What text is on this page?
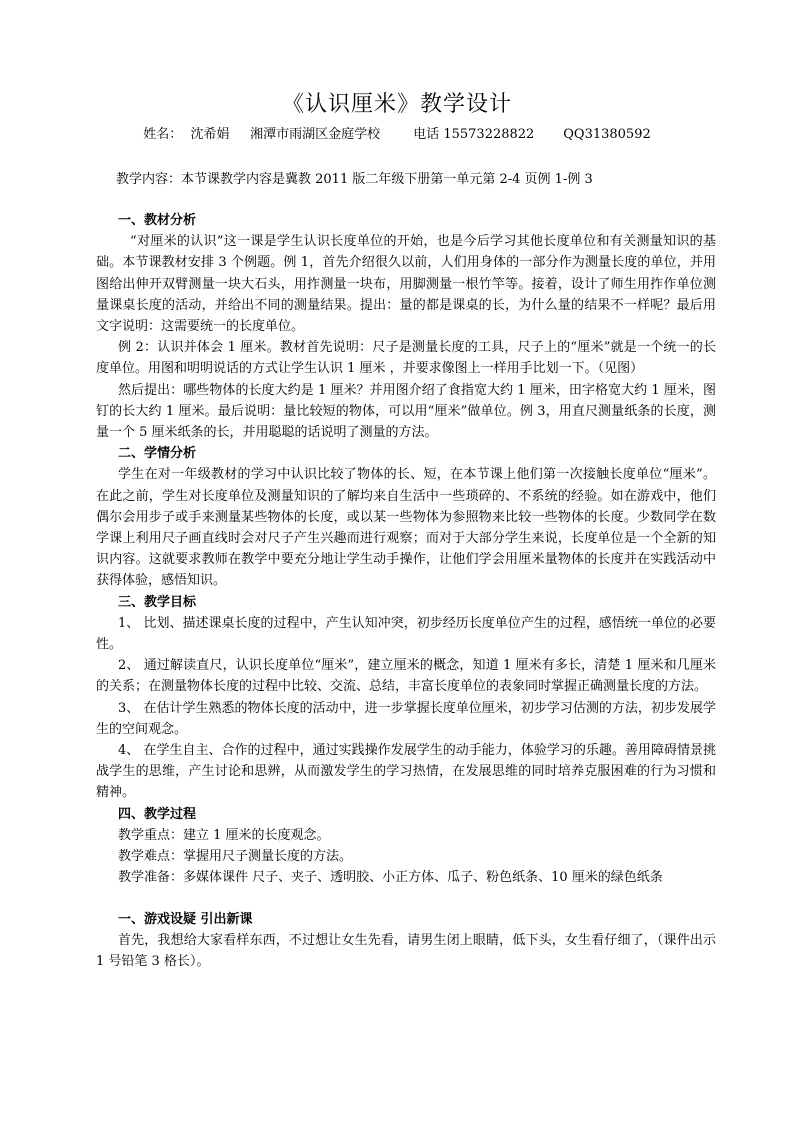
《认识厘米》教学设计
姓名：  沈希娟     湘潭市雨湖区金庭学校        电话 15573228822       QQ31380592
教学内容：本节课教学内容是冀教 2011 版二年级下册第一单元第 2-4 页例 1-例 3

一、教材分析

“对厘米的认识”这一课是学生认识长度单位的开始，也是今后学习其他长度单位和有关测量知识的基础。本节课教材安排 3 个例题。例 1，首先介绍很久以前，人们用身体的一部分作为测量长度的单位，并用图给出伸开双臂测量一块大石头，用拃测量一块布，用脚测量一根竹竿等。接着，设计了师生用拃作单位测量课桌长度的活动，并给出不同的测量结果。提出：量的都是课桌的长，为什么量的结果不一样呢？最后用文字说明：这需要统一的长度单位。

例 2：认识并体会 1 厘米。教材首先说明：尺子是测量长度的工具，尺子上的“厘米”就是一个统一的长度单位。用图和明明说话的方式让学生认识 1 厘米 ，并要求像图上一样用手比划一下。（见图）

然后提出：哪些物体的长度大约是 1 厘米？并用图介绍了食指宽大约 1 厘米，田字格宽大约 1 厘米，图钉的长大约 1 厘米。最后说明：量比较短的物体，可以用“厘米”做单位。例 3，用直尺测量纸条的长度，测量一个 5 厘米纸条的长，并用聪聪的话说明了测量的方法。

二、学情分析

学生在对一年级教材的学习中认识比较了物体的长、短，在本节课上他们第一次接触长度单位“厘米”。在此之前，学生对长度单位及测量知识的了解均来自生活中一些琐碎的、不系统的经验。如在游戏中，他们偶尔会用步子或手来测量某些物体的长度，或以某一些物体为参照物来比较一些物体的长度。少数同学在数学课上利用尺子画直线时会对尺子产生兴趣而进行观察；而对于大部分学生来说，长度单位是一个全新的知识内容。这就要求教师在教学中要充分地让学生动手操作，让他们学会用厘米量物体的长度并在实践活动中获得体验，感悟知识。

三、教学目标

1、 比划、描述课桌长度的过程中，产生认知冲突，初步经历长度单位产生的过程，感悟统一单位的必要性。

2、 通过解读直尺，认识长度单位“厘米”，建立厘米的概念，知道 1 厘米有多长，清楚 1 厘米和几厘米的关系；在测量物体长度的过程中比较、交流、总结，丰富长度单位的表象同时掌握正确测量长度的方法。

3、 在估计学生熟悉的物体长度的活动中，进一步掌握长度单位厘米，初步学习估测的方法，初步发展学生的空间观念。

4、 在学生自主、合作的过程中，通过实践操作发展学生的动手能力，体验学习的乐趣。善用障碍情景挑战学生的思维，产生讨论和思辨，从而激发学生的学习热情，在发展思维的同时培养克服困难的行为习惯和精神。

四、教学过程

教学重点：建立 1 厘米的长度观念。

教学难点：掌握用尺子测量长度的方法。

教学准备：多媒体课件 尺子、夹子、透明胶、小正方体、瓜子、粉色纸条、10 厘米的绿色纸条

一、游戏设疑 引出新课

首先，我想给大家看样东西，不过想让女生先看，请男生闭上眼睛，低下头，女生看仔细了，（课件出示 1 号铅笔 3 格长）。
